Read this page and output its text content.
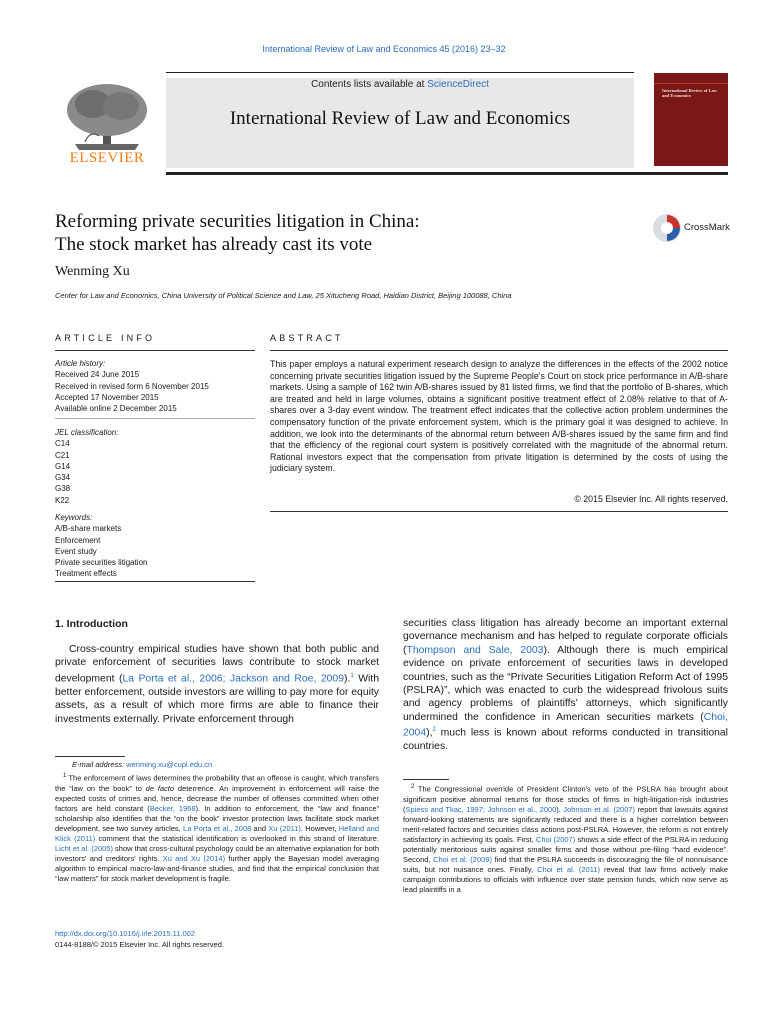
International Review of Law and Economics 45 (2016) 23–32
Contents lists available at ScienceDirect
International Review of Law and Economics
ELSEVIER
International Review of Law and Economics
Reforming private securities litigation in China:
The stock market has already cast its vote
CrossMark
Wenming Xu
Center for Law and Economics, China University of Political Science and Law, 25 Xitucheng Road, Haidian District, Beijing 100088, China
ARTICLE INFO	ABSTRACT
Article history:
Received 24 June 2015
Received in revised form 6 November 2015
Accepted 17 November 2015
Available online 2 December 2015
JEL classification:
C14
C21
G14
G34
G38
K22
Keywords:
A/B-share markets
Enforcement
Event study
Private securities litigation
Treatment effects
This paper employs a natural experiment research design to analyze the differences in the effects of the 2002 notice concerning private securities litigation issued by the Supreme People's Court on stock price performance in A/B-share markets. Using a sample of 162 twin A/B-shares issued by 81 listed firms, we find that the portfolio of B-shares, which are treated and held in large volumes, obtains a significant positive treatment effect of 2.08% relative to that of A-shares over a 3-day event window. The treatment effect indicates that the collective action problem undermines the compensatory function of the private enforcement system, which is the primary goal it was designed to achieve. In addition, we look into the determinants of the abnormal return between A/B-shares issued by the same firm and find that the efficiency of the regional court system is positively correlated with the magnitude of the abnormal return. Rational investors expect that the compensation from private litigation is determined by the costs of using the judiciary system.
© 2015 Elsevier Inc. All rights reserved.
1. Introduction
Cross-country empirical studies have shown that both public and private enforcement of securities laws contribute to stock market development (La Porta et al., 2006; Jackson and Roe, 2009).$^1$ With better enforcement, outside investors are willing to pay more for equity assets, as a result of which more firms are able to finance their investments externally. Private enforcement through
securities class litigation has already become an important external governance mechanism and has helped to regulate corporate officials (Thompson and Sale, 2003). Although there is much empirical evidence on private enforcement of securities laws in developed countries, such as the “Private Securities Litigation Reform Act of 1995 (PSLRA)”, which was enacted to curb the widespread frivolous suits and agency problems of plaintiffs' attorneys, which significantly undermined the confidence in American securities markets (Choi, 2004),$^2$ much less is known about reforms conducted in transitional countries.
E-mail address: wenming.xu@cupl.edu.cn
$^1$ The enforcement of laws determines the probability that an offense is caught, which transfers the “law on the book” to de facto deterrence. An improvement in enforcement will raise the expected costs of crimes and, hence, decrease the number of offenses committed when other factors are held constant (Becker, 1968). In addition to enforcement, the “law and finance” scholarship also identifies that the “on the book” investor protection laws facilitate stock market development, see two survey articles, La Porta et al., 2008 and Xu (2011). However, Helland and Klick (2011) comment that the statistical identification is overlooked in this strand of literature. Licht et al. (2005) show that cross-cultural psychology could be an alternative explanation for both investors' and creditors' rights. Xu and Xu (2014) further apply the Bayesian model averaging algorithm to empirical macro-law-and-finance studies, and find that the empirical conclusion that “law matters” for stock market development is fragile.
$^2$ The Congressional override of President Clinton's veto of the PSLRA has brought about significant positive abnormal returns for those stocks of firms in high-litigation-risk industries (Spiess and Tkac, 1997; Johnson et al., 2000). Johnson et al. (2007) report that lawsuits against forward-looking statements are significantly reduced and there is a higher correlation between merit-related factors and securities class actions post-PSLRA. However, the reform is not entirely satisfactory in achieving its goals. First, Choi (2007) shows a side effect of the PSLRA in reducing potentially meritorious suits against smaller firms and those without pre-filing “hard evidence”. Second, Choi et al. (2009) find that the PSLRA succeeds in discouraging the file of nonnuisance suits, but not nuisance ones. Finally, Choi et al. (2011) reveal that law firms actively make campaign contributions to officials with influence over state pension funds, which now serve as lead plaintiffs in a
http://dx.doi.org/10.1016/j.irle.2015.11.002
0144-8188/© 2015 Elsevier Inc. All rights reserved.
